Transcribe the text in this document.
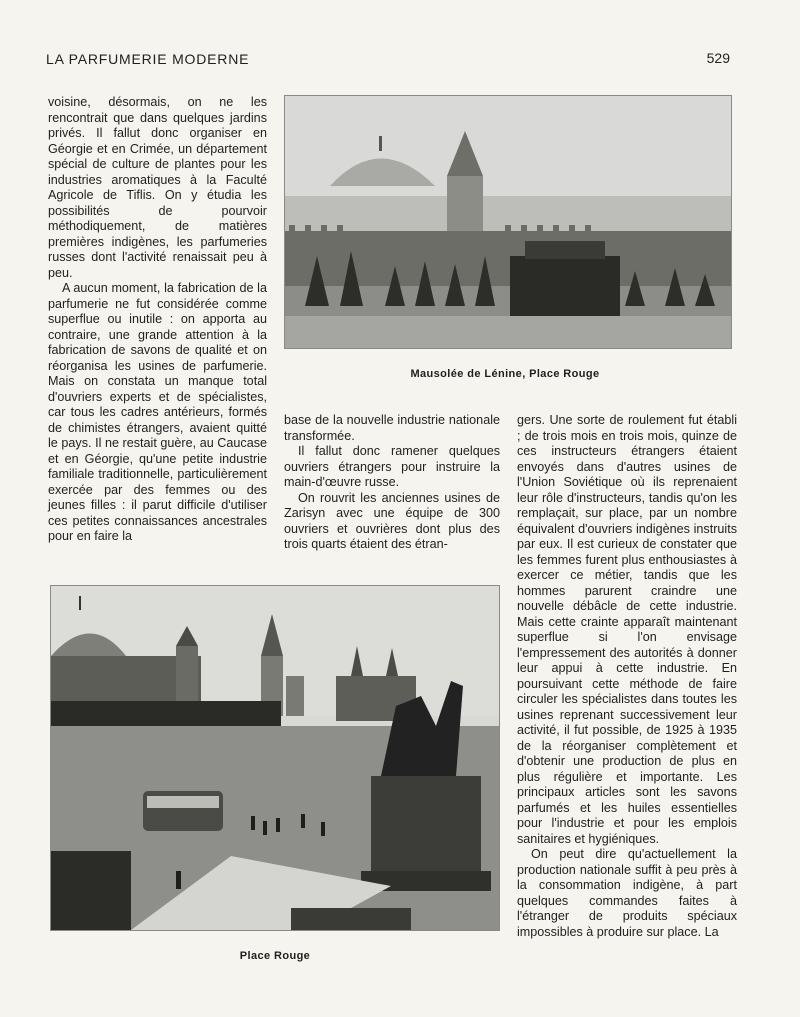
LA PARFUMERIE MODERNE	529

voisine, désormais, on ne les rencontrait que dans quelques jardins privés. Il fallut donc organiser en Géorgie et en Crimée, un département spécial de culture de plantes pour les industries aromatiques à la Faculté Agricole de Tiflis. On y étudia les possibilités de pourvoir méthodiquement, de matières premières indigènes, les parfumeries russes dont l'activité renaissait peu à peu.

A aucun moment, la fabrication de la parfumerie ne fut considérée comme superflue ou inutile : on apporta au contraire, une grande attention à la fabrication de savons de qualité et on réorganisa les usines de parfumerie. Mais on constata un manque total d'ouvriers experts et de spécialistes, car tous les cadres antérieurs, formés de chimistes étrangers, avaient quitté le pays. Il ne restait guère, au Caucase et en Géorgie, qu'une petite industrie familiale traditionnelle, particulièrement exercée par des femmes ou des jeunes filles : il parut difficile d'utiliser ces petites connaissances ancestrales pour en faire la

Mausolée de Lénine, Place Rouge

base de la nouvelle industrie nationale transformée.

Il fallut donc ramener quelques ouvriers étrangers pour instruire la main-d'œuvre russe.

On rouvrit les anciennes usines de Zarisyn avec une équipe de 300 ouvriers et ouvrières dont plus des trois quarts étaient des étran-

gers. Une sorte de roulement fut établi ; de trois mois en trois mois, quinze de ces instructeurs étrangers étaient envoyés dans d'autres usines de l'Union Soviétique où ils reprenaient leur rôle d'instructeurs, tandis qu'on les remplaçait, sur place, par un nombre équivalent d'ouvriers indigènes instruits par eux. Il est curieux de constater que les femmes furent plus enthousiastes à exercer ce métier, tandis que les hommes parurent craindre une nouvelle débâcle de cette industrie. Mais cette crainte apparaît maintenant superflue si l'on envisage l'empressement des autorités à donner leur appui à cette industrie. En poursuivant cette méthode de faire circuler les spécialistes dans toutes les usines reprenant successivement leur activité, il fut possible, de 1925 à 1935 de la réorganiser complètement et d'obtenir une production de plus en plus régulière et importante. Les principaux articles sont les savons parfumés et les huiles essentielles pour l'industrie et pour les emplois sanitaires et hygiéniques.

On peut dire qu'actuellement la production nationale suffit à peu près à la consommation indigène, à part quelques commandes faites à l'étranger de produits spéciaux impossibles à produire sur place. La

Place Rouge
